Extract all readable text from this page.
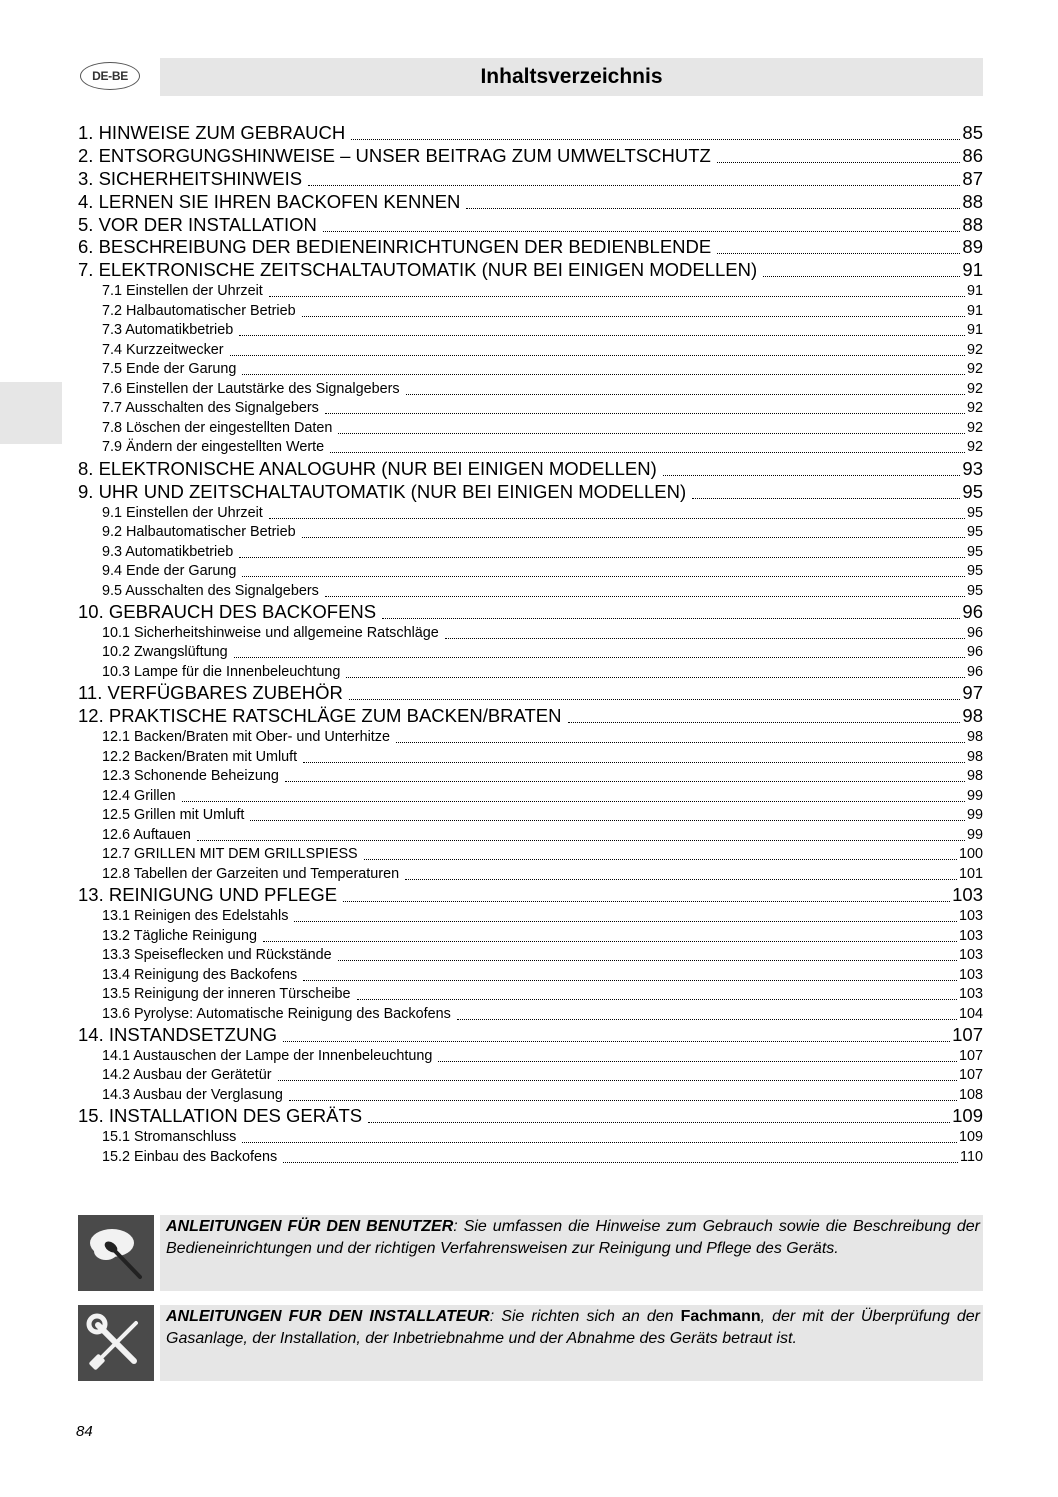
DE-BE	Inhaltsverzeichnis
1. HINWEISE ZUM GEBRAUCH	85
2. ENTSORGUNGSHINWEISE – UNSER BEITRAG ZUM UMWELTSCHUTZ	86
3. SICHERHEITSHINWEIS	87
4. LERNEN SIE IHREN BACKOFEN KENNEN	88
5. VOR DER INSTALLATION	88
6. BESCHREIBUNG DER BEDIENEINRICHTUNGEN DER BEDIENBLENDE	89
7. ELEKTRONISCHE ZEITSCHALTAUTOMATIK (NUR BEI EINIGEN MODELLEN)	91
7.1 Einstellen der Uhrzeit	91
7.2 Halbautomatischer Betrieb	91
7.3 Automatikbetrieb	91
7.4 Kurzzeitwecker	92
7.5 Ende der Garung	92
7.6 Einstellen der Lautstärke des Signalgebers	92
7.7 Ausschalten des Signalgebers	92
7.8 Löschen der eingestellten Daten	92
7.9 Ändern der eingestellten Werte	92
8. ELEKTRONISCHE ANALOGUHR (NUR BEI EINIGEN MODELLEN)	93
9. UHR UND ZEITSCHALTAUTOMATIK (NUR BEI EINIGEN MODELLEN)	95
9.1 Einstellen der Uhrzeit	95
9.2 Halbautomatischer Betrieb	95
9.3 Automatikbetrieb	95
9.4 Ende der Garung	95
9.5 Ausschalten des Signalgebers	95
10. GEBRAUCH DES BACKOFENS	96
10.1 Sicherheitshinweise und allgemeine Ratschläge	96
10.2 Zwangslüftung	96
10.3 Lampe für die Innenbeleuchtung	96
11. VERFÜGBARES ZUBEHÖR	97
12. PRAKTISCHE RATSCHLÄGE ZUM BACKEN/BRATEN	98
12.1 Backen/Braten mit Ober- und Unterhitze	98
12.2 Backen/Braten mit Umluft	98
12.3 Schonende Beheizung	98
12.4 Grillen	99
12.5 Grillen mit Umluft	99
12.6 Auftauen	99
12.7 GRILLEN MIT DEM GRILLSPIESS	100
12.8 Tabellen der Garzeiten und Temperaturen	101
13. REINIGUNG UND PFLEGE	103
13.1 Reinigen des Edelstahls	103
13.2 Tägliche Reinigung	103
13.3 Speiseflecken und Rückstände	103
13.4 Reinigung des Backofens	103
13.5 Reinigung der inneren Türscheibe	103
13.6 Pyrolyse: Automatische Reinigung des Backofens	104
14. INSTANDSETZUNG	107
14.1 Austauschen der Lampe der Innenbeleuchtung	107
14.2 Ausbau der Gerätetür	107
14.3 Ausbau der Verglasung	108
15. INSTALLATION DES GERÄTS	109
15.1 Stromanschluss	109
15.2 Einbau des Backofens	110
ANLEITUNGEN FÜR DEN BENUTZER: Sie umfassen die Hinweise zum Gebrauch sowie die Beschreibung der Bedieneinrichtungen und der richtigen Verfahrensweisen zur Reinigung und Pflege des Geräts.
ANLEITUNGEN FUR DEN INSTALLATEUR: Sie richten sich an den Fachmann, der mit der Überprüfung der Gasanlage, der Installation, der Inbetriebnahme und der Abnahme des Geräts betraut ist.
84
